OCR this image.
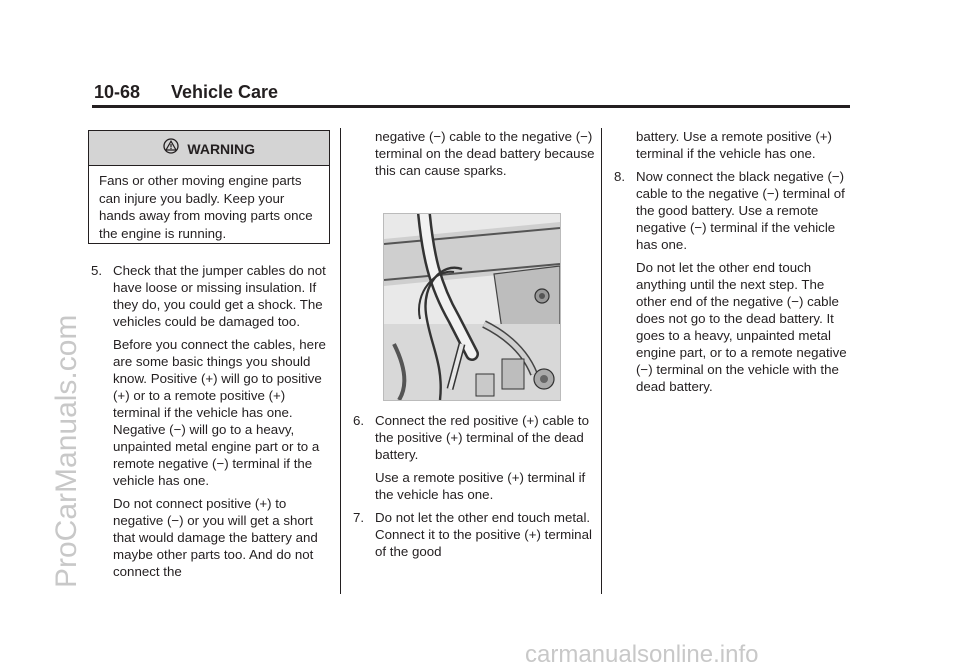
10-68 Vehicle Care
WARNING
Fans or other moving engine parts can injure you badly. Keep your hands away from moving parts once the engine is running.

5. Check that the jumper cables do not have loose or missing insulation. If they do, you could get a shock. The vehicles could be damaged too.

Before you connect the cables, here are some basic things you should know. Positive (+) will go to positive (+) or to a remote positive (+) terminal if the vehicle has one. Negative (−) will go to a heavy, unpainted metal engine part or to a remote negative (−) terminal if the vehicle has one.

Do not connect positive (+) to negative (−) or you will get a short that would damage the battery and maybe other parts too. And do not connect the

negative (−) cable to the negative (−) terminal on the dead battery because this can cause sparks.

6. Connect the red positive (+) cable to the positive (+) terminal of the dead battery.

Use a remote positive (+) terminal if the vehicle has one.

7. Do not let the other end touch metal. Connect it to the positive (+) terminal of the good

battery. Use a remote positive (+) terminal if the vehicle has one.

8. Now connect the black negative (−) cable to the negative (−) terminal of the good battery. Use a remote negative (−) terminal if the vehicle has one.

Do not let the other end touch anything until the next step. The other end of the negative (−) cable does not go to the dead battery. It goes to a heavy, unpainted metal engine part, or to a remote negative (−) terminal on the vehicle with the dead battery.

ProCarManuals.com
carmanualsonline.info
